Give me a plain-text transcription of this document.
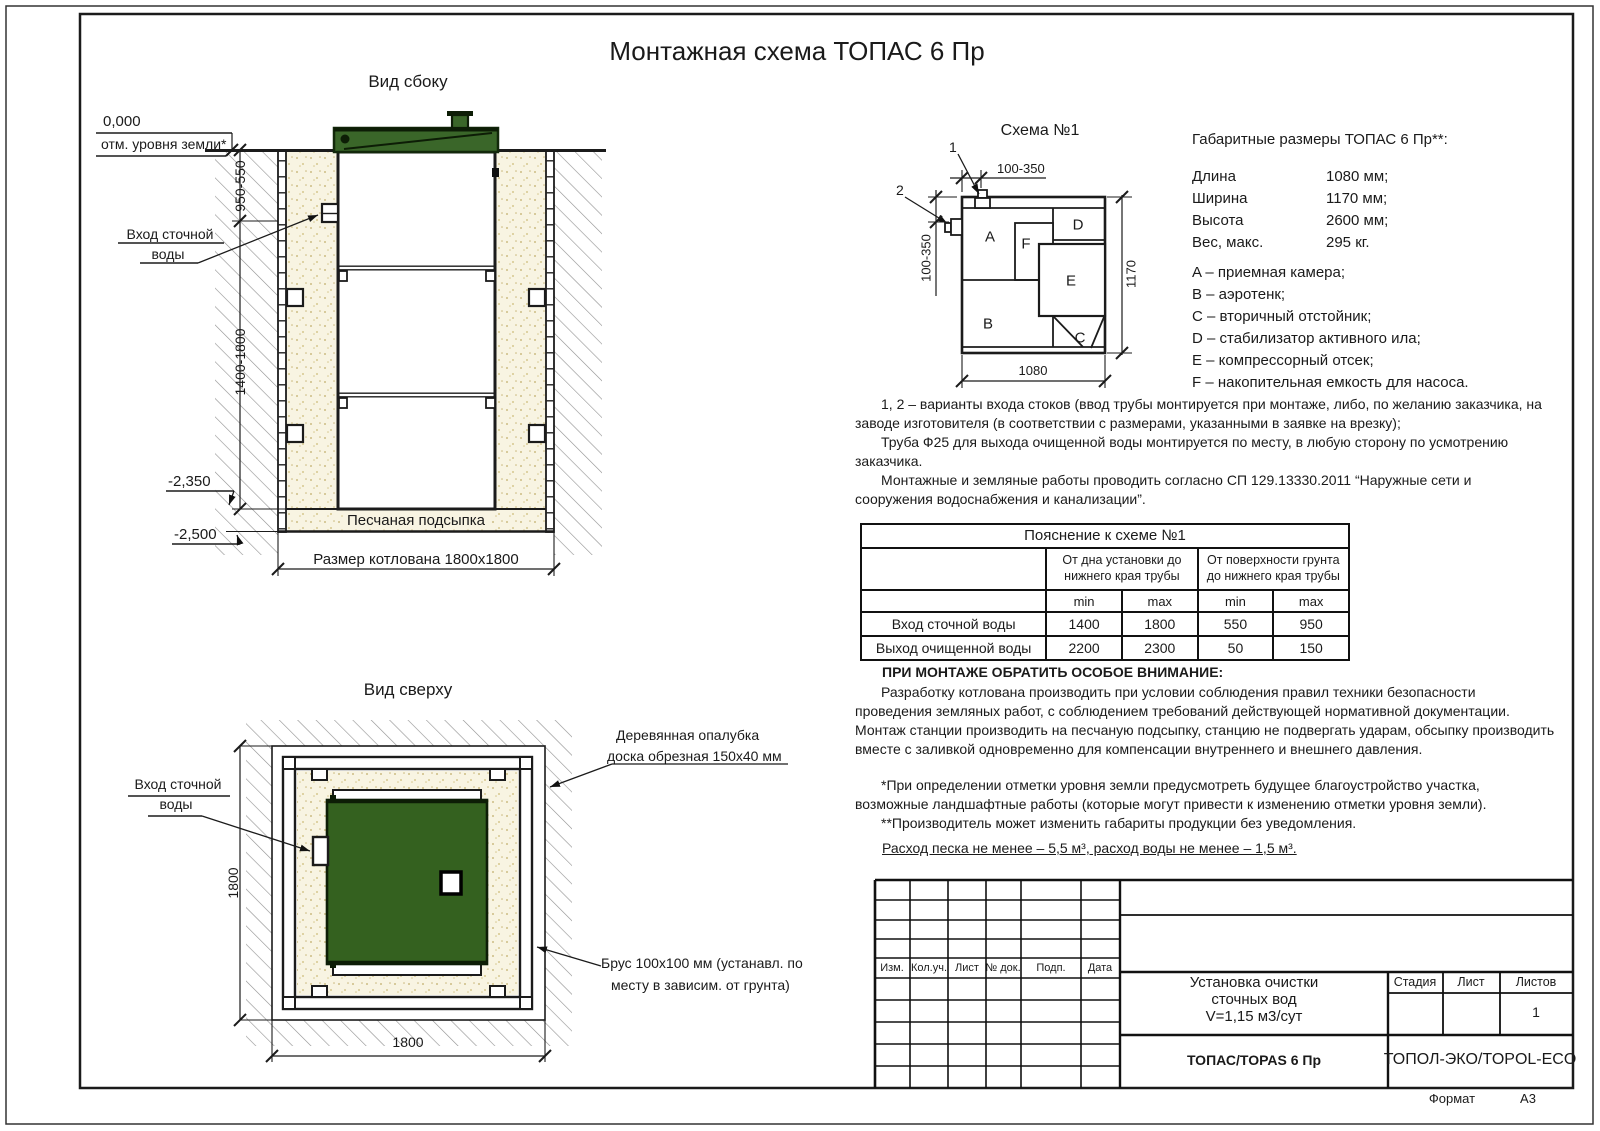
Монтажная схема ТОПАС 6 Пр
Вид сбоку
0,000
отм. уровня земли*
950-550
Вход сточной
воды
1400-1800
-2,350
-2,500
Песчаная подсыпка
Размер котлована 1800х1800
Вид сверху
Вход сточной
воды
1800
1800
Деревянная опалубка
доска обрезная 150х40 мм
Брус 100х100 мм (устанавл. по
месту в зависим. от грунта)
Схема №1
1
2
100-350
100-350	1170
1080
A
B
C
D
E
F
Габаритные размеры ТОПАС 6 Пр**:
Длина	1080 мм;
Ширина	1170 мм;
Высота	2600 мм;
Вес, макс.	295 кг.
A – приемная камера;
B – аэротенк;
C – вторичный отстойник;
D – стабилизатор активного ила;
E – компрессорный отсек;
F – накопительная емкость для насоса.
1, 2 – варианты входа стоков (ввод трубы монтируется при монтаже, либо, по желанию заказчика, на заводе изготовителя (в соответствии с размерами, указанными в заявке на врезку);
Труба Ф25 для выхода очищенной воды монтируется по месту, в любую сторону по усмотрению заказчика.
Монтажные и земляные работы проводить согласно СП 129.13330.2011 “Наружные сети и сооружения водоснабжения и канализации”.
ПРИ МОНТАЖЕ ОБРАТИТЬ ОСОБОЕ ВНИМАНИЕ:
Разработку котлована производить при условии соблюдения правил техники безопасности проведения земляных работ, с соблюдением требований действующей нормативной документации. Монтаж станции производить на песчаную подсыпку, станцию не подвергать ударам, обсыпку производить вместе с заливкой одновременно для компенсации внутреннего и внешнего давления.
*При определении отметки уровня земли предусмотреть будущее благоустройство участка, возможные ландшафтные работы (которые могут привести к изменению отметки уровня земли).
**Производитель может изменить габариты продукции без уведомления.
Расход песка не менее – 5,5 м³, расход воды не менее – 1,5 м³.
Пояснение к схеме №1
От дна установки до нижнего края трубы
От поверхности грунта до нижнего края трубы
min	max	min	max
Вход сточной воды	1400	1800	550	950
Выход очищенной воды	2200	2300	50	150
Изм. Кол.уч. Лист № док. Подп. Дата
Установка очистки
сточных вод
V=1,15 м3/сут
Стадия Лист Листов
1
ТОПАС/TOPAS 6 Пр	ТОПОЛ-ЭКО/TOPOL-ECO
Формат	А3
